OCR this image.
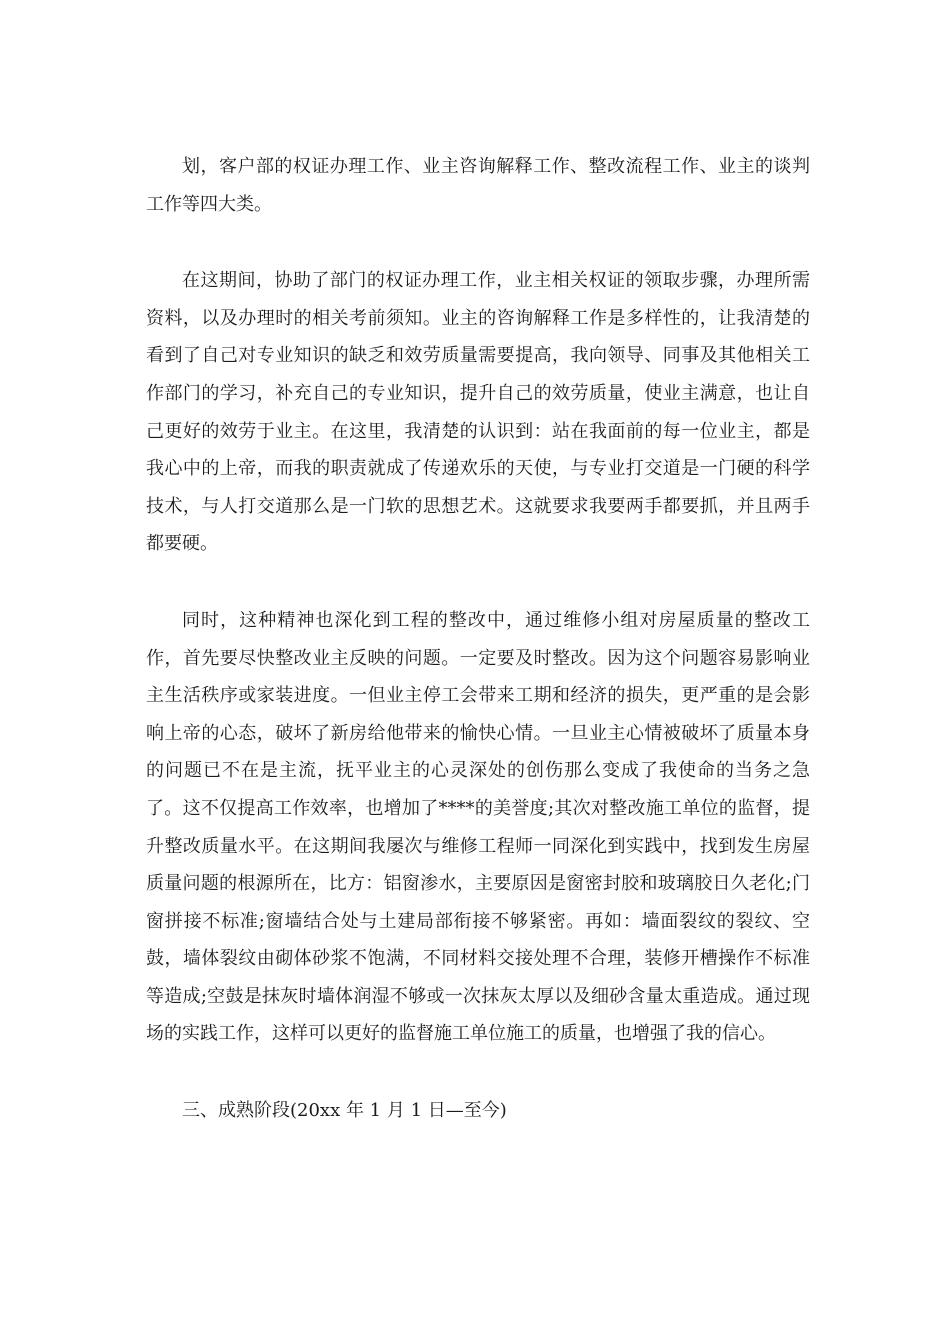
划，客户部的权证办理工作、业主咨询解释工作、整改流程工作、业主的谈判工作等四大类。

在这期间，协助了部门的权证办理工作，业主相关权证的领取步骤，办理所需资料，以及办理时的相关考前须知。业主的咨询解释工作是多样性的，让我清楚的看到了自己对专业知识的缺乏和效劳质量需要提高，我向领导、同事及其他相关工作部门的学习，补充自己的专业知识，提升自己的效劳质量，使业主满意，也让自己更好的效劳于业主。在这里，我清楚的认识到：站在我面前的每一位业主，都是我心中的上帝，而我的职责就成了传递欢乐的天使，与专业打交道是一门硬的科学技术，与人打交道那么是一门软的思想艺术。这就要求我要两手都要抓，并且两手都要硬。

同时，这种精神也深化到工程的整改中，通过维修小组对房屋质量的整改工作，首先要尽快整改业主反映的问题。一定要及时整改。因为这个问题容易影响业主生活秩序或家装进度。一但业主停工会带来工期和经济的损失，更严重的是会影响上帝的心态，破坏了新房给他带来的愉快心情。一旦业主心情被破坏了质量本身的问题已不在是主流，抚平业主的心灵深处的创伤那么变成了我使命的当务之急了。这不仅提高工作效率，也增加了****的美誉度;其次对整改施工单位的监督，提升整改质量水平。在这期间我屡次与维修工程师一同深化到实践中，找到发生房屋质量问题的根源所在，比方：铝窗渗水，主要原因是窗密封胶和玻璃胶日久老化;门窗拼接不标准;窗墙结合处与土建局部衔接不够紧密。再如：墙面裂纹的裂纹、空鼓，墙体裂纹由砌体砂浆不饱满，不同材料交接处理不合理，装修开槽操作不标准等造成;空鼓是抹灰时墙体润湿不够或一次抹灰太厚以及细砂含量太重造成。通过现场的实践工作，这样可以更好的监督施工单位施工的质量，也增强了我的信心。

三、成熟阶段(20xx 年 1 月 1 日—至今)
